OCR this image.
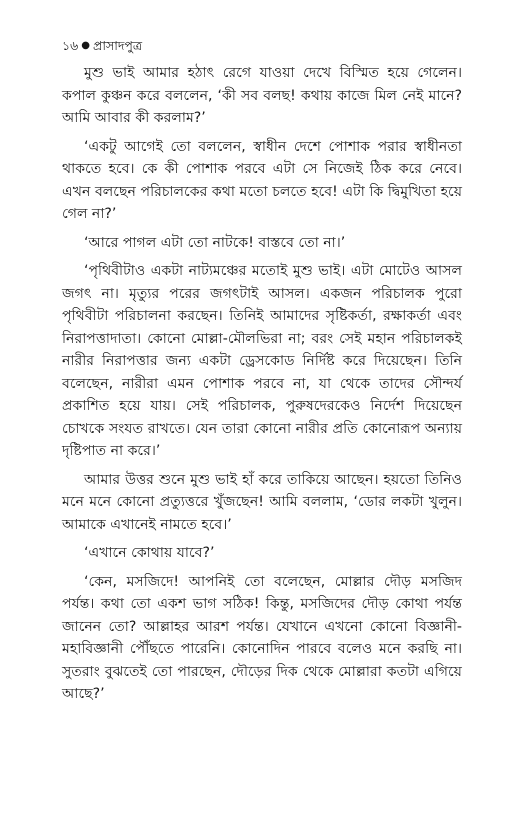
১৬ ● প্রাসাদপুত্র

মুশু ভাই আমার হঠাৎ রেগে যাওয়া দেখে বিস্মিত হয়ে গেলেন। কপাল কুঞ্চন করে বললেন, ‘কী সব বলছ! কথায় কাজে মিল নেই মানে? আমি আবার কী করলাম?’

‘একটু আগেই তো বললেন, স্বাধীন দেশে পোশাক পরার স্বাধীনতা থাকতে হবে। কে কী পোশাক পরবে এটা সে নিজেই ঠিক করে নেবে। এখন বলছেন পরিচালকের কথা মতো চলতে হবে! এটা কি দ্বিমুখিতা হয়ে গেল না?’

‘আরে পাগল এটা তো নাটকে! বাস্তবে তো না।’

‘পৃথিবীটাও একটা নাট্যমঞ্চের মতোই মুশু ভাই। এটা মোটেও আসল জগৎ না। মৃত্যুর পরের জগৎটাই আসল। একজন পরিচালক পুরো পৃথিবীটা পরিচালনা করছেন। তিনিই আমাদের সৃষ্টিকর্তা, রক্ষাকর্তা এবং নিরাপত্তাদাতা। কোনো মোল্লা-মৌলভিরা না; বরং সেই মহান পরিচালকই নারীর নিরাপত্তার জন্য একটা ড্রেসকোড নির্দিষ্ট করে দিয়েছেন। তিনি বলেছেন, নারীরা এমন পোশাক পরবে না, যা থেকে তাদের সৌন্দর্য প্রকাশিত হয়ে যায়। সেই পরিচালক, পুরুষদেরকেও নির্দেশ দিয়েছেন চোখকে সংযত রাখতে। যেন তারা কোনো নারীর প্রতি কোনোরূপ অন্যায় দৃষ্টিপাত না করে।’

আমার উত্তর শুনে মুশু ভাই হাঁ করে তাকিয়ে আছেন। হয়তো তিনিও মনে মনে কোনো প্রত্যুত্তরে খুঁজছেন! আমি বললাম, ‘ডোর লকটা খুলুন। আমাকে এখানেই নামতে হবে।’

‘এখানে কোথায় যাবে?’

‘কেন, মসজিদে! আপনিই তো বলেছেন, মোল্লার দৌড় মসজিদ পর্যন্ত। কথা তো একশ ভাগ সঠিক! কিন্তু, মসজিদের দৌড় কোথা পর্যন্ত জানেন তো? আল্লাহর আরশ পর্যন্ত। যেখানে এখনো কোনো বিজ্ঞানী-মহাবিজ্ঞানী পৌঁছতে পারেনি। কোনোদিন পারবে বলেও মনে করছি না। সুতরাং বুঝতেই তো পারছেন, দৌড়ের দিক থেকে মোল্লারা কতটা এগিয়ে আছে?’
